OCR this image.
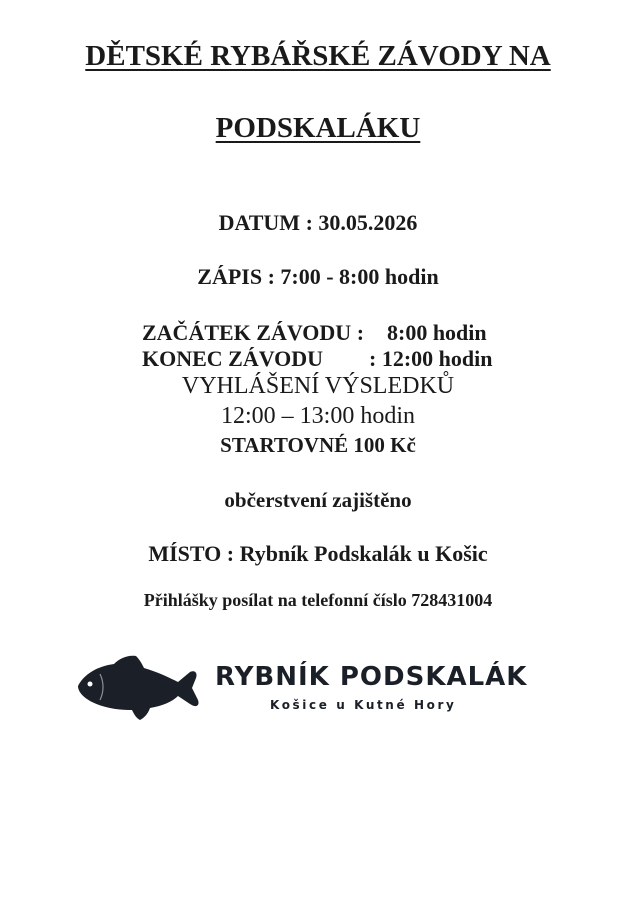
DĚTSKÉ RYBÁŘSKÉ ZÁVODY NA
PODSKALÁKU
DATUM : 30.05.2026
ZÁPIS : 7:00 - 8:00 hodin
ZAČÁTEK ZÁVODU : 8:00 hodin
KONEC ZÁVODU : 12:00 hodin
VYHLÁŠENÍ VÝSLEDKŮ
12:00 – 13:00 hodin
STARTOVNÉ 100 Kč
občerstvení zajištěno
MÍSTO : Rybník Podskalák u Košic
Přihlášky posílat na telefonní číslo 728431004
RYBNÍK PODSKALÁK
Košice u Kutné Hory
